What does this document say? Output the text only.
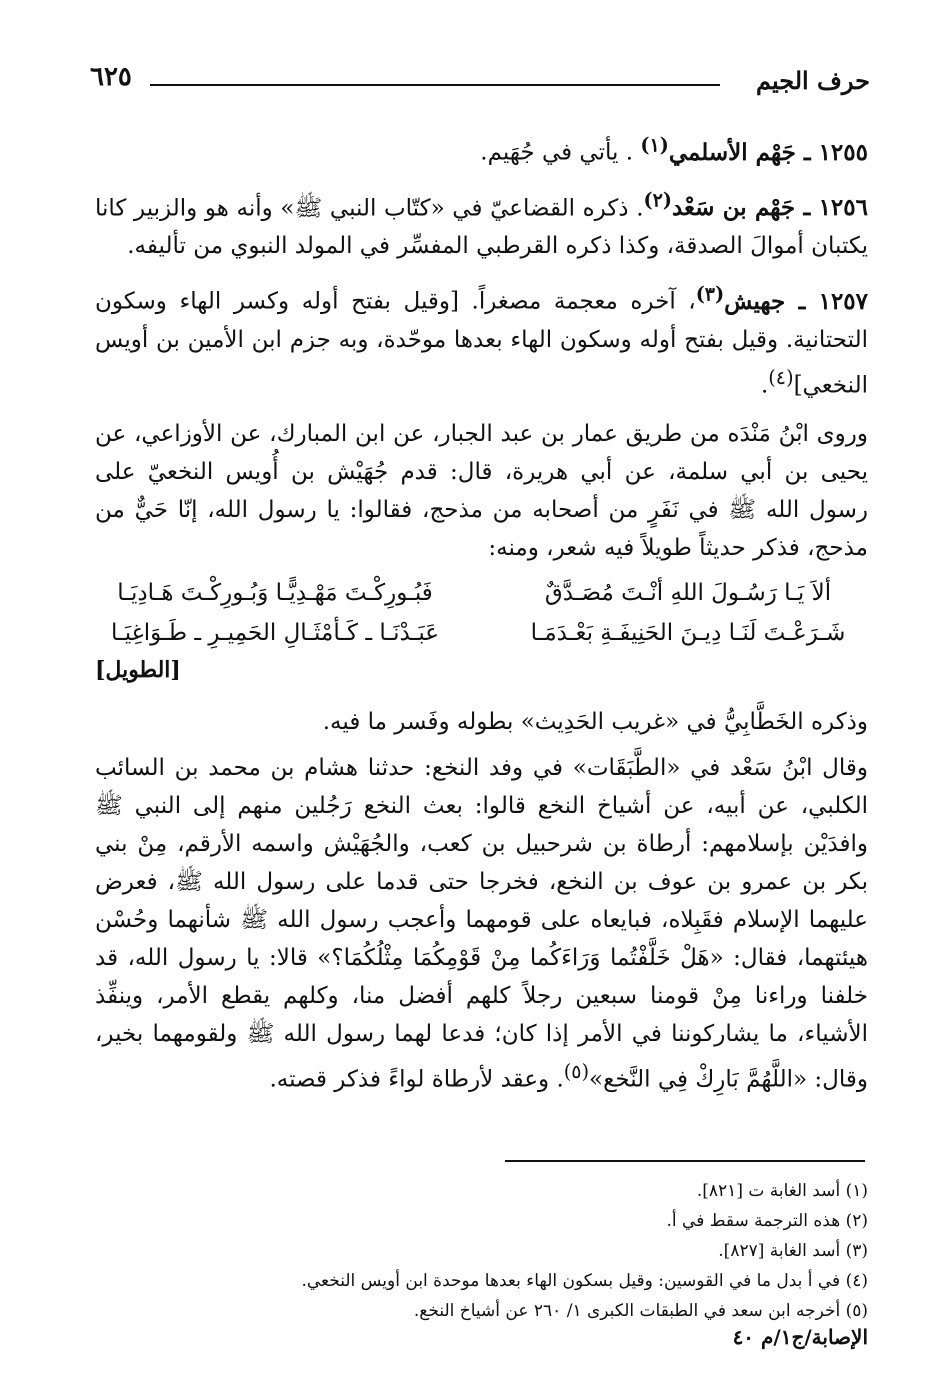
حرف الجيم
٦٢٥

١٢٥٥ ـ جَهْم الأسلمي$^{(١)}$ . يأتي في جُهَيم.

١٢٥٦ ـ جَهْم بن سَعْد$^{(٢)}$. ذكره القضاعيّ في «كتّاب النبي ﷺ» وأنه هو والزبير كانا يكتبان أموالَ الصدقة، وكذا ذكره القرطبي المفسِّر في المولد النبوي من تأليفه.

١٢٥٧ ـ جهيش$^{(٣)}$، آخره معجمة مصغراً. [وقيل بفتح أوله وكسر الهاء وسكون التحتانية. وقيل بفتح أوله وسكون الهاء بعدها موحّدة، وبه جزم ابن الأمين بن أويس النخعي]$^{(٤)}$.

وروى ابْنُ مَنْدَه من طريق عمار بن عبد الجبار، عن ابن المبارك، عن الأوزاعي، عن يحيى بن أبي سلمة، عن أبي هريرة، قال: قدم جُهَيْش بن أُويس النخعيّ على رسول الله ﷺ في نَفَرٍ من أصحابه من مذحج، فقالوا: يا رسول الله، إنّا حَيٌّ من مذحج، فذكر حديثاً طويلاً فيه شعر، ومنه:

ألاَ يَـا رَسُـولَ اللهِ أنْـتَ مُصَـدَّقٌ
فَبُـورِكْـتَ مَهْـدِيًّـا وَبُـورِكْـتَ هَـادِيَـا
شَـرَعْـتَ لَنَـا دِيـنَ الحَنِيفَـةِ بَعْـدَمَـا
عَبَـدْنَـا ـ كَـأمْثَـالِ الحَمِيـرِ ـ طَـوَاغِيَـا
[الطويل]

وذكره الخَطَّابِيُّ في «غريب الحَدِيث» بطوله وفَسر ما فيه.

وقال ابْنُ سَعْد في «الطَّبَقَات» في وفد النخع: حدثنا هشام بن محمد بن السائب الكلبي، عن أبيه، عن أشياخ النخع قالوا: بعث النخع رَجُلين منهم إلى النبي ﷺ وافدَيْن بإسلامهم: أرطاة بن شرحبيل بن كعب، والجُهَيْش واسمه الأرقم، مِنْ بني بكر بن عمرو بن عوف بن النخع، فخرجا حتى قدما على رسول الله ﷺ، فعرض عليهما الإسلام فقَبِلاه، فبايعاه على قومهما وأعجب رسول الله ﷺ شأنهما وحُسْن هيئتهما، فقال: «هَلْ خَلَّفْتُما وَرَاءَكُما مِنْ قَوْمِكُمَا مِثْلُكُمَا؟» قالا: يا رسول الله، قد خلفنا وراءنا مِنْ قومنا سبعين رجلاً كلهم أفضل منا، وكلهم يقطع الأمر، وينفِّذ الأشياء، ما يشاركوننا في الأمر إذا كان؛ فدعا لهما رسول الله ﷺ ولقومهما بخير، وقال: «اللَّهُمَّ بَارِكْ فِي النَّخع»$^{(٥)}$. وعقد لأرطاة لواءً فذكر قصته.

(١) أسد الغابة ت [٨٢١].
(٢) هذه الترجمة سقط في أ.
(٣) أسد الغابة [٨٢٧].
(٤) في أ بدل ما في القوسين: وقيل بسكون الهاء بعدها موحدة ابن أويس النخعي.
(٥) أخرجه ابن سعد في الطبقات الكبرى ١/ ٢٦٠ عن أشياخ النخع.
الإصابة/ج١/م ٤٠
